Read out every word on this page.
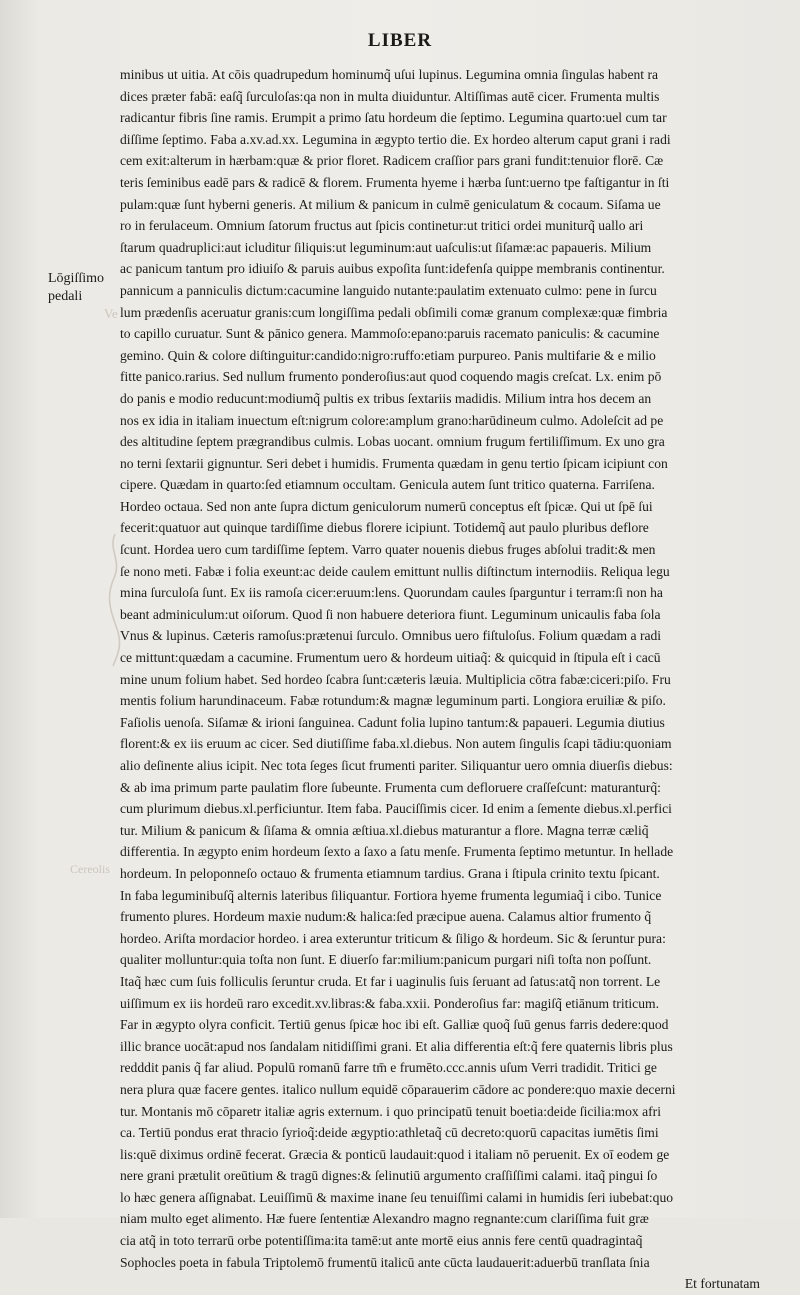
LIBER
Lōgiſſimo
pedali
Ve
Cereolis
minibus ut uitia. At cōis quadrupedum hominumq̃ uſui lupinus. Legumina omnia ſingulas habent ra
dices præter fabā: eaſq̃ ſurculoſas:qa non in multa diuiduntur. Altiſſimas autē cicer. Frumenta multis
radicantur fibris ſine ramis. Erumpit a primo ſatu hordeum die ſeptimo. Legumina quarto:uel cum tar
diſſime ſeptimo. Faba a.xv.ad.xx. Legumina in ægypto tertio die. Ex hordeo alterum caput grani i radi
cem exit:alterum in hærbam:quæ & prior floret. Radicem craſſior pars grani fundit:tenuior florē. Cæ
teris ſeminibus eadē pars & radicē & florem. Frumenta hyeme i hærba ſunt:uerno tpe faſtigantur in ſti
pulam:quæ ſunt hyberni generis. At milium & panicum in culmē geniculatum & cocaum. Siſama ue
ro in ferulaceum. Omnium ſatorum fructus aut ſpicis continetur:ut tritici ordei muniturq̃ uallo ari
ſtarum quadruplici:aut icluditur ſiliquis:ut leguminum:aut uaſculis:ut ſiſamæ:ac papaueris. Milium
ac panicum tantum pro idiuiſo & paruis auibus expoſita ſunt:idefenſa quippe membranis continentur.
pannicum a panniculis dictum:cacumine languido nutante:paulatim extenuato culmo: pene in ſurcu
lum prædenſis aceruatur granis:cum longiſſima pedali obſimili comæ granum complexæ:quæ fimbria
to capillo curuatur. Sunt & pānico genera. Mammoſo:epano:paruis racemato paniculis: & cacumine
gemino. Quin & colore diſtinguitur:candido:nigro:ruffo:etiam purpureo. Panis multifarie & e milio
fitte panico.rarius. Sed nullum frumento ponderoſius:aut quod coquendo magis creſcat. Lx. enim pō
do panis e modio reducunt:modiumq̃ pultis ex tribus ſextariis madidis. Milium intra hos decem an
nos ex idia in italiam inuectum eſt:nigrum colore:amplum grano:harūdineum culmo. Adoleſcit ad pe
des altitudine ſeptem prægrandibus culmis. Lobas uocant. omnium frugum fertiliſſimum. Ex uno gra
no terni ſextarii gignuntur. Seri debet i humidis. Frumenta quædam in genu tertio ſpicam icipiunt con
cipere. Quædam in quarto:ſed etiamnum occultam. Genicula autem ſunt tritico quaterna. Farriſena.
Hordeo octaua. Sed non ante ſupra dictum geniculorum numerū conceptus eſt ſpicæ. Qui ut ſpē ſui
fecerit:quatuor aut quinque tardiſſime diebus florere icipiunt. Totidemq̃ aut paulo pluribus deflore
ſcunt. Hordea uero cum tardiſſime ſeptem. Varro quater nouenis diebus fruges abſolui tradit:& men
ſe nono meti. Fabæ i folia exeunt:ac deide caulem emittunt nullis diſtinctum internodiis. Reliqua legu
mina ſurculoſa ſunt. Ex iis ramoſa cicer:eruum:lens. Quorundam caules ſparguntur i terram:ſi non ha
beant adminiculum:ut oiſorum. Quod ſi non habuere deteriora fiunt. Leguminum unicaulis faba ſola
Vnus & lupinus. Cæteris ramoſus:prætenui ſurculo. Omnibus uero fiſtuloſus. Folium quædam a radi
ce mittunt:quædam a cacumine. Frumentum uero & hordeum uitiaq̃: & quicquid in ſtipula eſt i cacū
mine unum folium habet. Sed hordeo ſcabra ſunt:cæteris læuia. Multiplicia cōtra fabæ:ciceri:piſo. Fru
mentis folium harundinaceum. Fabæ rotundum:& magnæ leguminum parti. Longiora eruiliæ & piſo.
Faſiolis uenoſa. Siſamæ & irioni ſanguinea. Cadunt folia lupino tantum:& papaueri. Legumia diutius
florent:& ex iis eruum ac cicer. Sed diutiſſime faba.xl.diebus. Non autem ſingulis ſcapi tādiu:quoniam
alio deſinente alius icipit. Nec tota ſeges ſicut frumenti pariter. Siliquantur uero omnia diuerſis diebus:
& ab ima primum parte paulatim flore ſubeunte. Frumenta cum defloruere craſſeſcunt: maturanturq̃:
cum plurimum diebus.xl.perficiuntur. Item faba. Pauciſſimis cicer. Id enim a ſemente diebus.xl.perfici
tur. Milium & panicum & ſiſama & omnia æſtiua.xl.diebus maturantur a flore. Magna terræ cæliq̃
differentia. In ægypto enim hordeum ſexto a ſaxo a ſatu menſe. Frumenta ſeptimo metuntur. In hellade
hordeum. In peloponneſo octauo & frumenta etiamnum tardius. Grana i ſtipula crinito textu ſpicant.
In faba leguminibuſq̃ alternis lateribus ſiliquantur. Fortiora hyeme frumenta legumiaq̃ i cibo. Tunice
frumento plures. Hordeum maxie nudum:& halica:ſed præcipue auena. Calamus altior frumento q̃
hordeo. Ariſta mordacior hordeo. i area exteruntur triticum & ſiligo & hordeum. Sic & ſeruntur pura:
qualiter molluntur:quia toſta non ſunt. E diuerſo far:milium:panicum purgari niſi toſta non poſſunt.
Itaq̃ hæc cum ſuis folliculis ſeruntur cruda. Et far i uaginulis ſuis ſeruant ad ſatus:atq̃ non torrent. Le
uiſſimum ex iis hordeū raro excedit.xv.libras:& faba.xxii. Ponderoſius far: magiſq̃ etiānum triticum.
Far in ægypto olyra conficit. Tertiū genus ſpicæ hoc ibi eſt. Galliæ quoq̃ ſuū genus farris dedere:quod
illic brance uocāt:apud nos ſandalam nitidiſſimi grani. Et alia differentia eſt:q̃ fere quaternis libris plus
redddit panis q̃ far aliud. Populū romanū farre tm̄ e frumēto.ccc.annis uſum Verri tradidit. Tritici ge
nera plura quæ facere gentes. italico nullum equidē cōparauerim cādore ac pondere:quo maxie decerni
tur. Montanis mō cōparetr italiæ agris externum. i quo principatū tenuit boetia:deide ſicilia:mox afri
ca. Tertiū pondus erat thracio ſyrioq̃:deide ægyptio:athletaq̃ cū decreto:quorū capacitas iumētis ſimi
lis:quē diximus ordinē fecerat. Græcia & ponticū laudauit:quod i italiam nō peruenit. Ex oī eodem ge
nere grani prætulit oreūtium & tragū dignes:& ſelinutiū argumento craſſiſſimi calami. itaq̃ pingui ſo
lo hæc genera aſſignabat. Leuiſſimū & maxime inane ſeu tenuiſſimi calami in humidis ſeri iubebat:quo
niam multo eget alimento. Hæ fuere ſententiæ Alexandro magno regnante:cum clariſſima fuit græ
cia atq̃ in toto terrarū orbe potentiſſima:ita tamē:ut ante mortē eius annis fere centū quadragintaq̃
Sophocles poeta in fabula Triptolemō frumentū italicū ante cūcta laudauerit:aduerbū tranſlata ſnia
Et fortunatam
